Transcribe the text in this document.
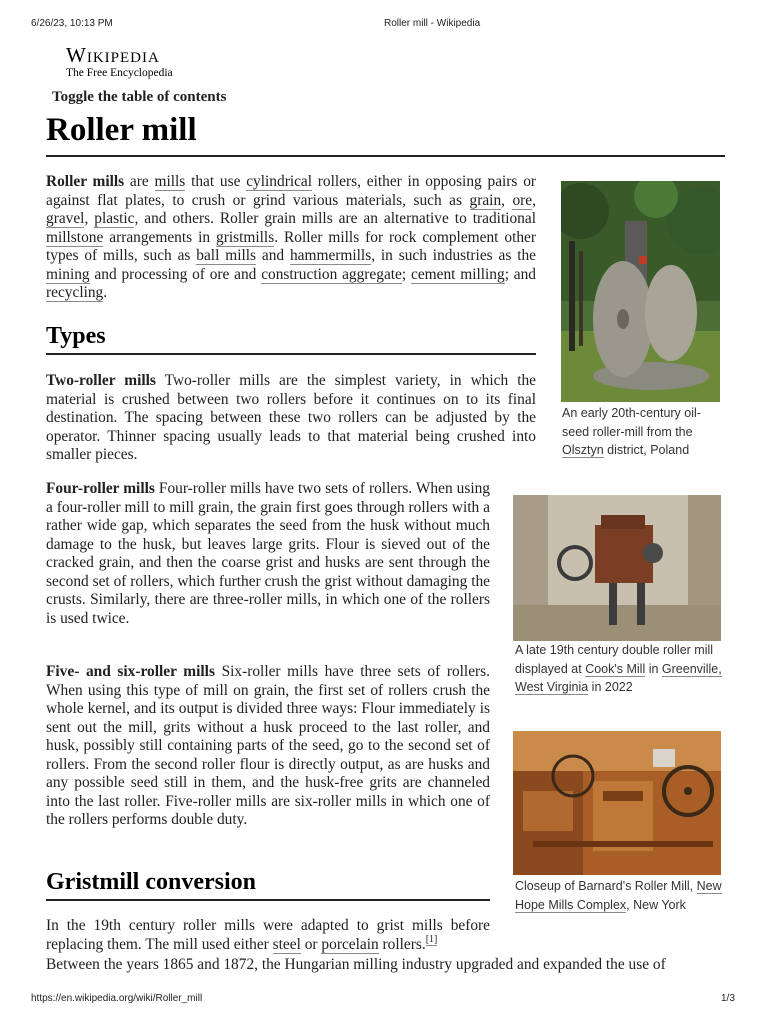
6/26/23, 10:13 PM	Roller mill - Wikipedia
https://en.wikipedia.org/wiki/Roller_mill	1/3
Wikipedia
The Free Encyclopedia
Toggle the table of contents
Roller mill

Roller mills are mills that use cylindrical rollers, either in opposing pairs or against flat plates, to crush or grind various materials, such as grain, ore, gravel, plastic, and others. Roller grain mills are an alternative to traditional millstone arrangements in gristmills. Roller mills for rock complement other types of mills, such as ball mills and hammermills, in such industries as the mining and processing of ore and construction aggregate; cement milling; and recycling.

Types

Two-roller mills Two-roller mills are the simplest variety, in which the material is crushed between two rollers before it continues on to its final destination. The spacing between these two rollers can be adjusted by the operator. Thinner spacing usually leads to that material being crushed into smaller pieces.

Four-roller mills Four-roller mills have two sets of rollers. When using a four-roller mill to mill grain, the grain first goes through rollers with a rather wide gap, which separates the seed from the husk without much damage to the husk, but leaves large grits. Flour is sieved out of the cracked grain, and then the coarse grist and husks are sent through the second set of rollers, which further crush the grist without damaging the crusts. Similarly, there are three-roller mills, in which one of the rollers is used twice.

Five- and six-roller mills Six-roller mills have three sets of rollers. When using this type of mill on grain, the first set of rollers crush the whole kernel, and its output is divided three ways: Flour immediately is sent out the mill, grits without a husk proceed to the last roller, and husk, possibly still containing parts of the seed, go to the second set of rollers. From the second roller flour is directly output, as are husks and any possible seed still in them, and the husk-free grits are channeled into the last roller. Five-roller mills are six-roller mills in which one of the rollers performs double duty.

Gristmill conversion

In the 19th century roller mills were adapted to grist mills before replacing them. The mill used either steel or porcelain rollers.[1]

Between the years 1865 and 1872, the Hungarian milling industry upgraded and expanded the use of

An early 20th-century oil-seed roller-mill from the Olsztyn district, Poland
A late 19th century double roller mill displayed at Cook's Mill in Greenville, West Virginia in 2022
Closeup of Barnard's Roller Mill, New Hope Mills Complex, New York
